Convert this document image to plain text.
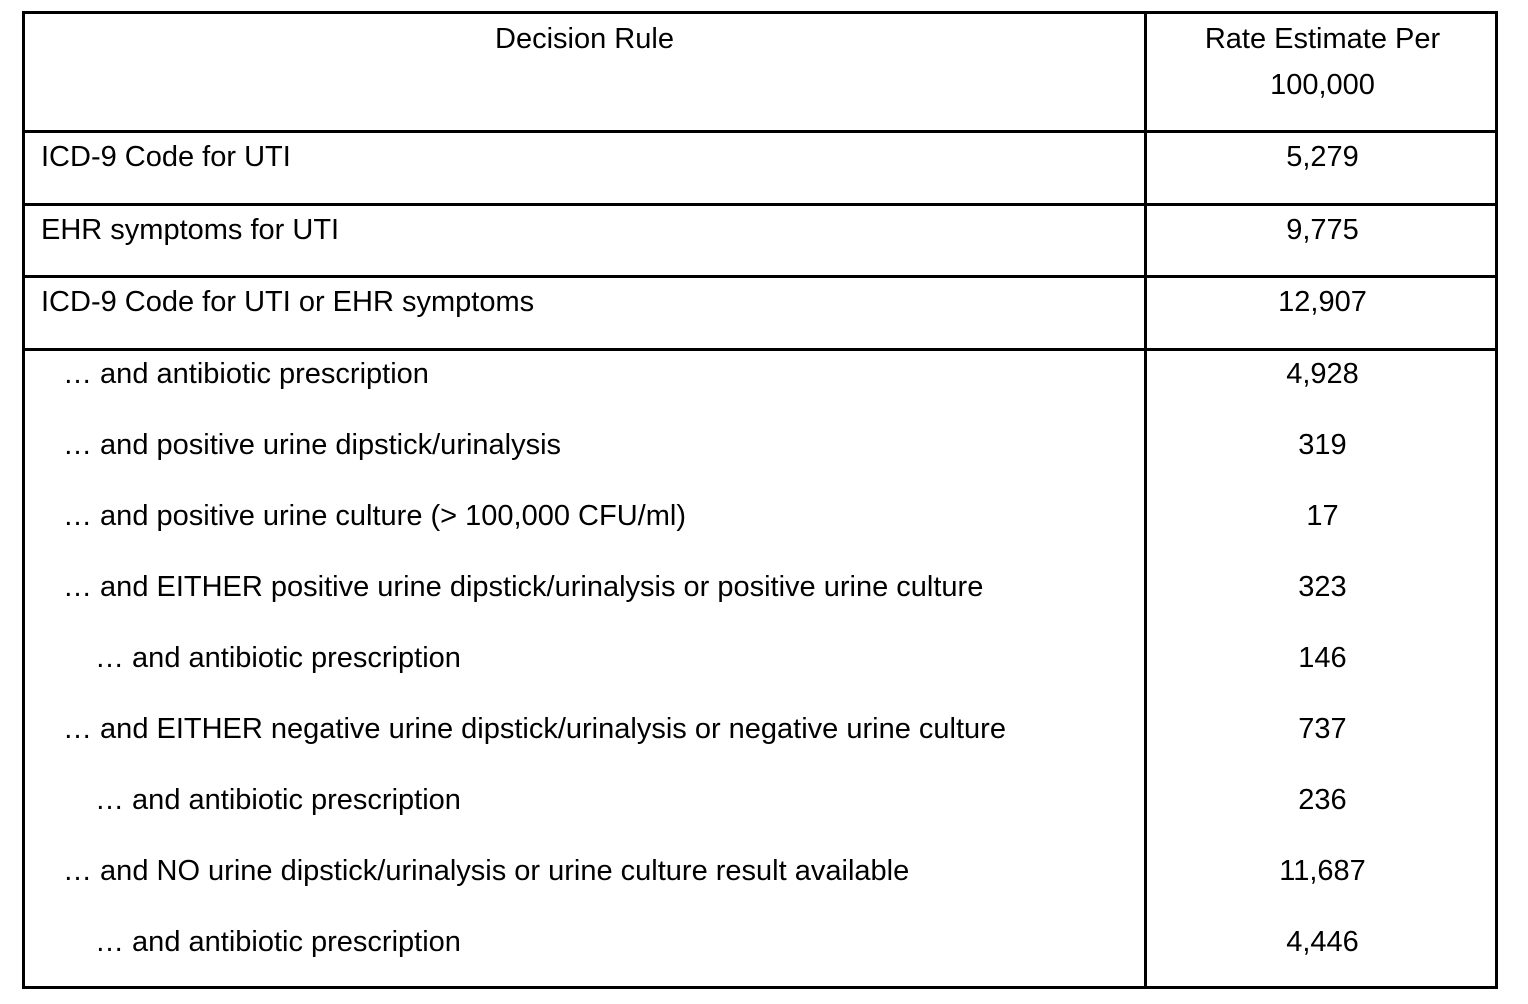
Decision Rule	Rate Estimate Per
100,000
ICD-9 Code for UTI	5,279
EHR symptoms for UTI	9,775
ICD-9 Code for UTI or EHR symptoms	12,907
… and antibiotic prescription	4,928
… and positive urine dipstick/urinalysis	319
… and positive urine culture (> 100,000 CFU/ml)	17
… and EITHER positive urine dipstick/urinalysis or positive urine culture	323
… and antibiotic prescription	146
… and EITHER negative urine dipstick/urinalysis or negative urine culture	737
… and antibiotic prescription	236
… and NO urine dipstick/urinalysis or urine culture result available	11,687
… and antibiotic prescription	4,446
